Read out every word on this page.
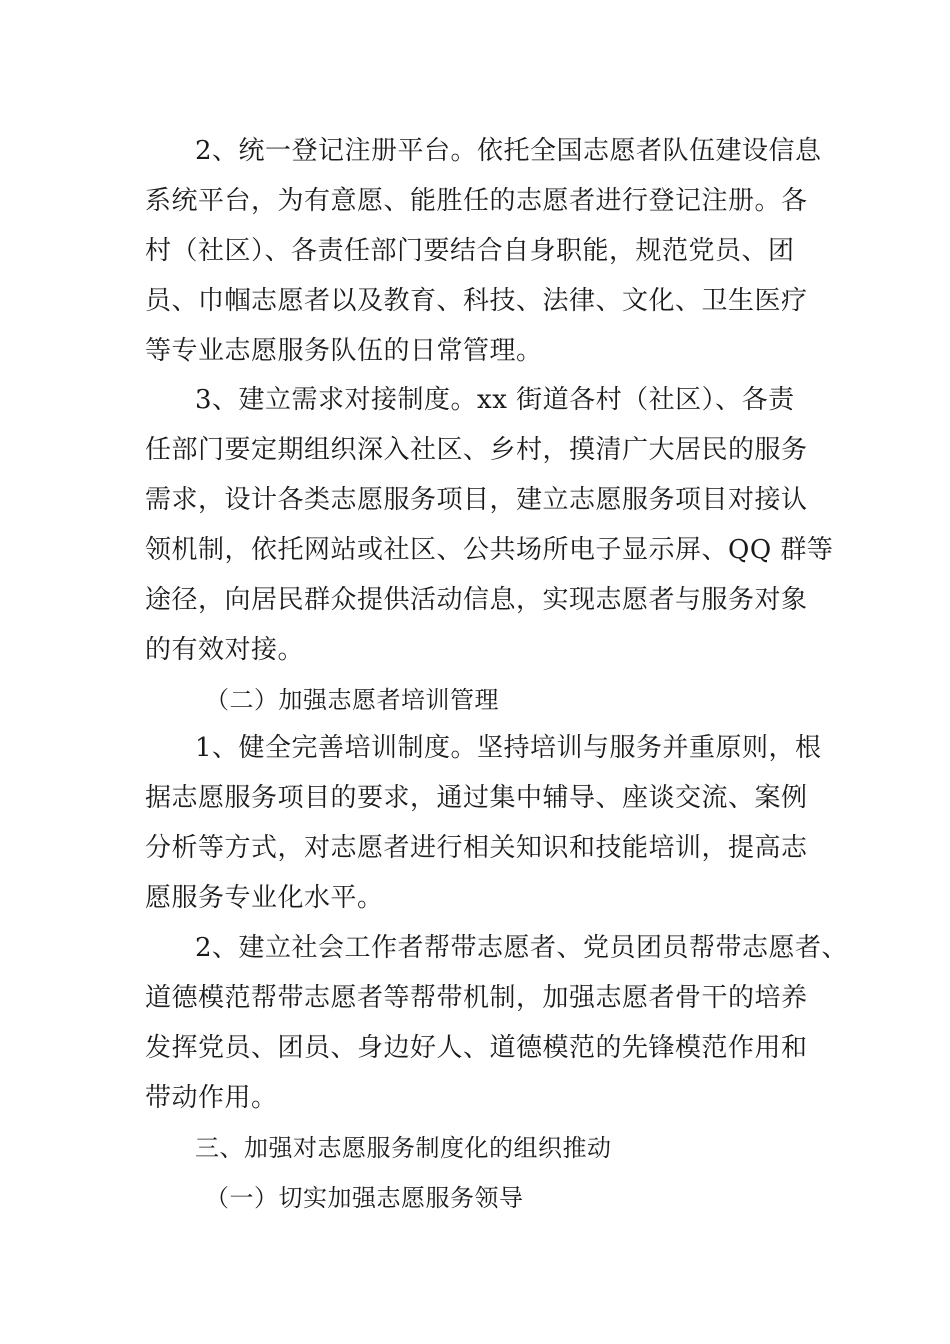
2、统一登记注册平台。依托全国志愿者队伍建设信息
系统平台，为有意愿、能胜任的志愿者进行登记注册。各
村（社区）、各责任部门要结合自身职能，规范党员、团
员、巾帼志愿者以及教育、科技、法律、文化、卫生医疗
等专业志愿服务队伍的日常管理。
3、建立需求对接制度。xx 街道各村（社区）、各责
任部门要定期组织深入社区、乡村，摸清广大居民的服务
需求，设计各类志愿服务项目，建立志愿服务项目对接认
领机制，依托网站或社区、公共场所电子显示屏、QQ 群等
途径，向居民群众提供活动信息，实现志愿者与服务对象
的有效对接。
（二）加强志愿者培训管理
1、健全完善培训制度。坚持培训与服务并重原则，根
据志愿服务项目的要求，通过集中辅导、座谈交流、案例
分析等方式，对志愿者进行相关知识和技能培训，提高志
愿服务专业化水平。
2、建立社会工作者帮带志愿者、党员团员帮带志愿者、
道德模范帮带志愿者等帮带机制，加强志愿者骨干的培养
发挥党员、团员、身边好人、道德模范的先锋模范作用和
带动作用。
三、加强对志愿服务制度化的组织推动
（一）切实加强志愿服务领导
